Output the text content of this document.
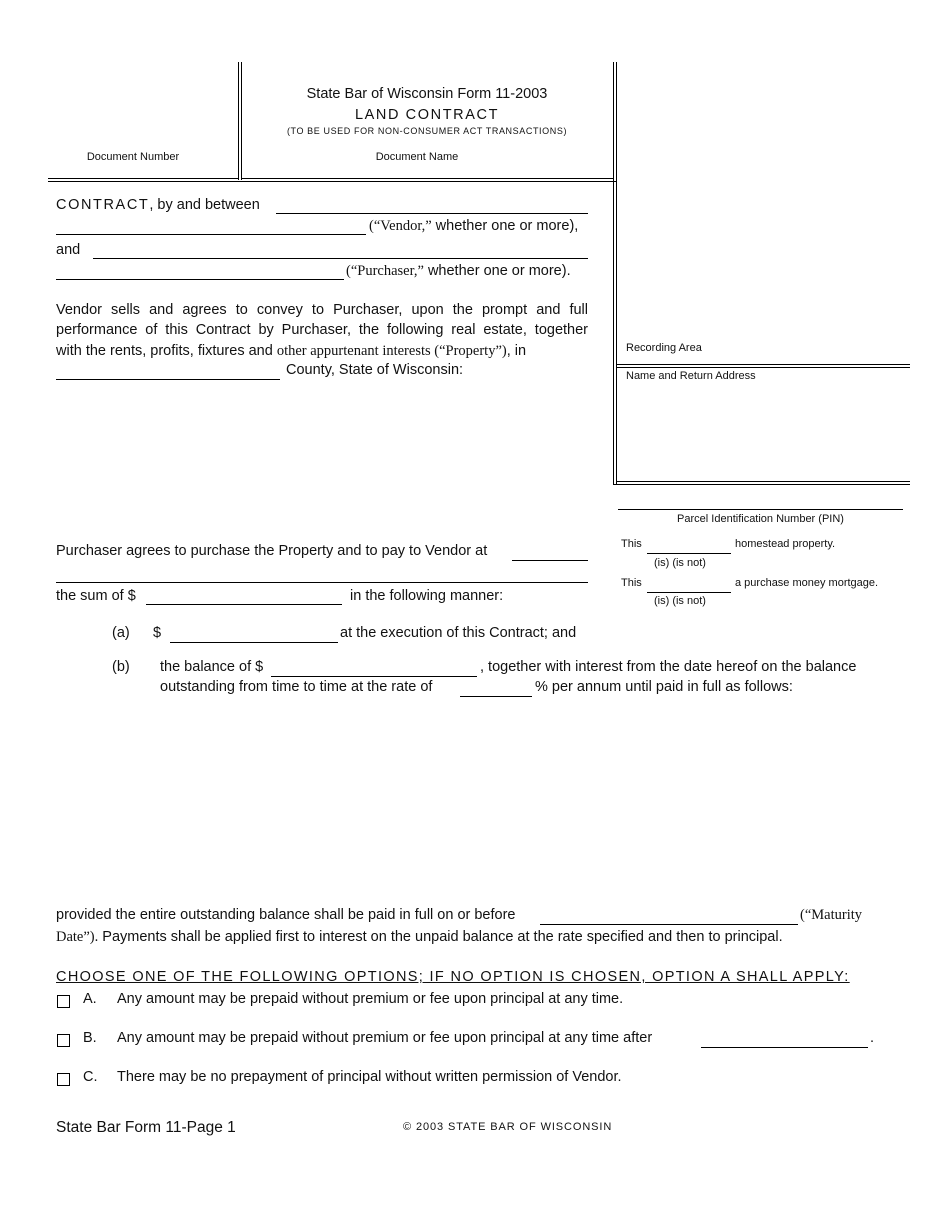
State Bar of Wisconsin Form 11-2003
LAND CONTRACT
(TO BE USED FOR NON-CONSUMER ACT TRANSACTIONS)
Document Number	Document Name
Recording Area
Name and Return Address
Parcel Identification Number (PIN)
This	homestead property.
(is) (is not)
This	a purchase money mortgage.
(is) (is not)
CONTRACT, by and between
(“Vendor,” whether one or more),
and
(“Purchaser,” whether one or more).
Vendor sells and agrees to convey to Purchaser, upon the prompt and full
performance of this Contract by Purchaser, the following real estate, together
with the rents, profits, fixtures and other appurtenant interests (“Property”), in
County, State of Wisconsin:
Purchaser agrees to purchase the Property and to pay to Vendor at
the sum of $	in the following manner:
(a) $	at the execution of this Contract; and
(b) the balance of $	, together with interest from the date hereof on the balance
outstanding from time to time at the rate of	% per annum until paid in full as follows:
provided the entire outstanding balance shall be paid in full on or before	(“Maturity
Date”). Payments shall be applied first to interest on the unpaid balance at the rate specified and then to principal.
CHOOSE ONE OF THE FOLLOWING OPTIONS; IF NO OPTION IS CHOSEN, OPTION A SHALL APPLY:
A. Any amount may be prepaid without premium or fee upon principal at any time.
B. Any amount may be prepaid without premium or fee upon principal at any time after	.
C. There may be no prepayment of principal without written permission of Vendor.
State Bar Form 11-Page 1	© 2003 STATE BAR OF WISCONSIN
